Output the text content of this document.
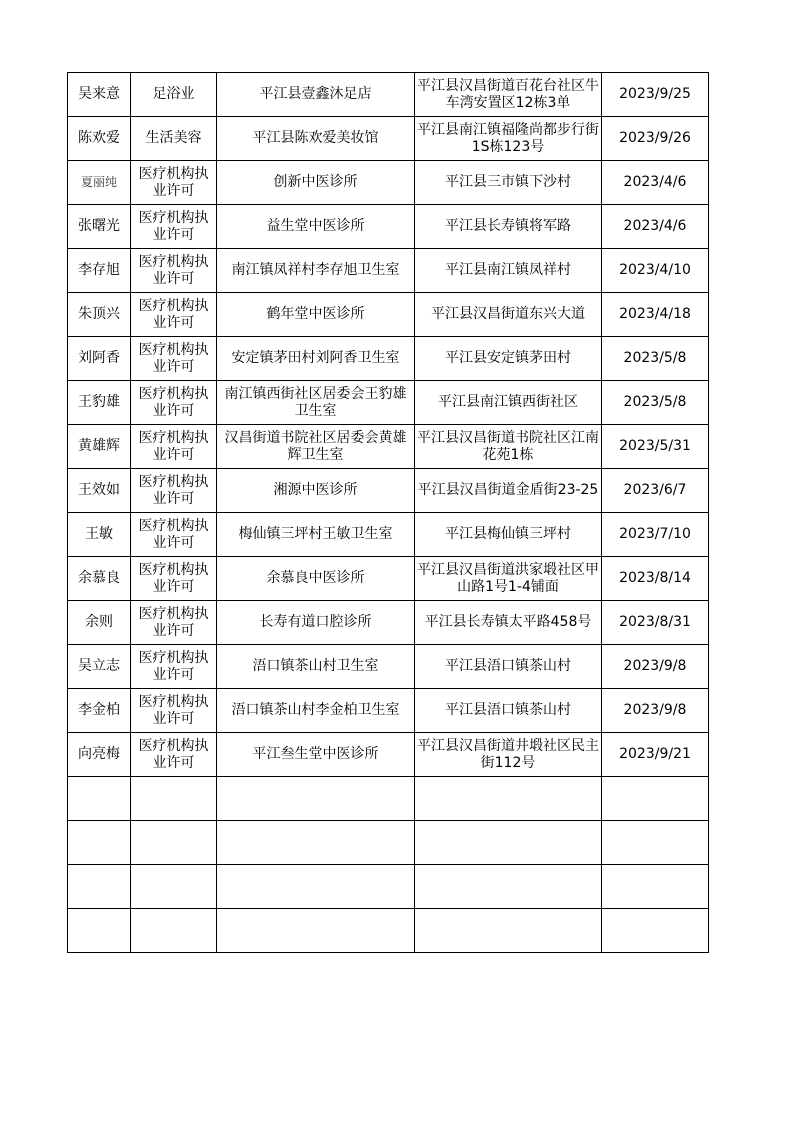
吴来意	足浴业	平江县壹鑫沐足店	平江县汉昌街道百花台社区牛车湾安置区12栋3单	2023/9/25
陈欢爱	生活美容	平江县陈欢爱美妆馆	平江县南江镇福隆尚都步行街1S栋123号	2023/9/26
夏丽纯	医疗机构执业许可	创新中医诊所	平江县三市镇下沙村	2023/4/6
张曙光	医疗机构执业许可	益生堂中医诊所	平江县长寿镇将军路	2023/4/6
李存旭	医疗机构执业许可	南江镇凤祥村李存旭卫生室	平江县南江镇凤祥村	2023/4/10
朱顶兴	医疗机构执业许可	鹤年堂中医诊所	平江县汉昌街道东兴大道	2023/4/18
刘阿香	医疗机构执业许可	安定镇茅田村刘阿香卫生室	平江县安定镇茅田村	2023/5/8
王豹雄	医疗机构执业许可	南江镇西街社区居委会王豹雄卫生室	平江县南江镇西街社区	2023/5/8
黄雄辉	医疗机构执业许可	汉昌街道书院社区居委会黄雄辉卫生室	平江县汉昌街道书院社区江南花苑1栋	2023/5/31
王效如	医疗机构执业许可	湘源中医诊所	平江县汉昌街道金盾街23-25	2023/6/7
王敏	医疗机构执业许可	梅仙镇三坪村王敏卫生室	平江县梅仙镇三坪村	2023/7/10
余慕良	医疗机构执业许可	余慕良中医诊所	平江县汉昌街道洪家塅社区甲山路1号1-4铺面	2023/8/14
余则	医疗机构执业许可	长寿有道口腔诊所	平江县长寿镇太平路458号	2023/8/31
吴立志	医疗机构执业许可	浯口镇茶山村卫生室	平江县浯口镇茶山村	2023/9/8
李金柏	医疗机构执业许可	浯口镇茶山村李金柏卫生室	平江县浯口镇茶山村	2023/9/8
向亮梅	医疗机构执业许可	平江叁生堂中医诊所	平江县汉昌街道井塅社区民主街112号	2023/9/21
